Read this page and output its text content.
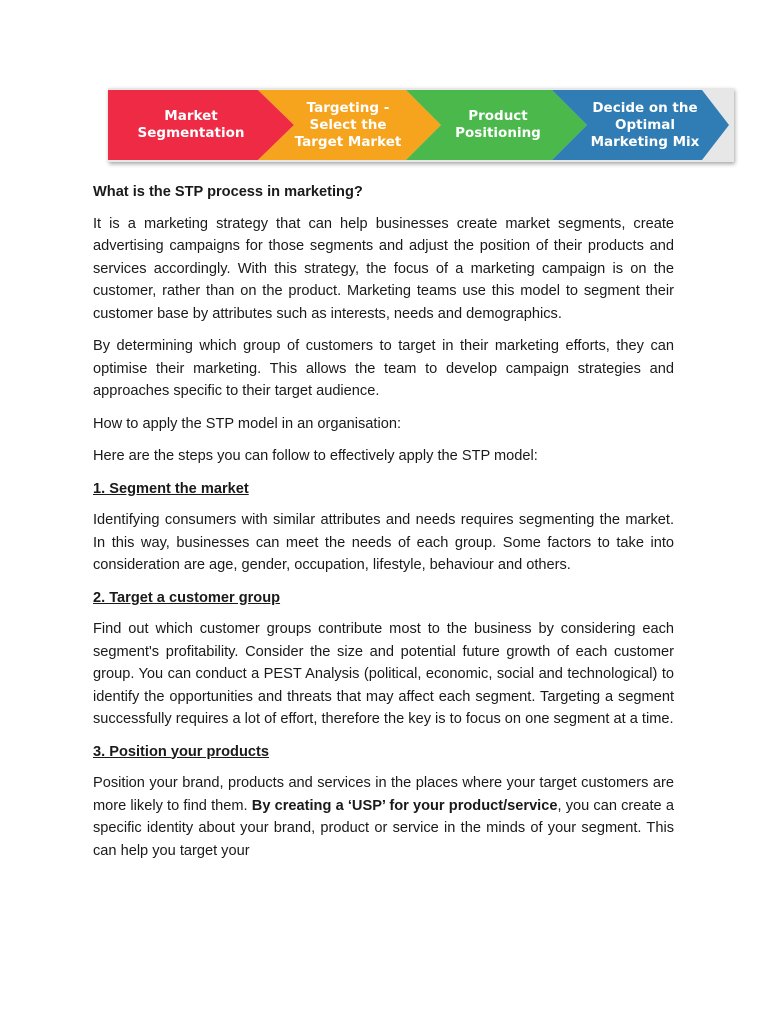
Market Segmentation
Targeting -
Select the
Target Market
Product
Positioning
Decide on the
Optimal
Marketing Mix

What is the STP process in marketing?

It is a marketing strategy that can help businesses create market segments, create advertising campaigns for those segments and adjust the position of their products and services accordingly. With this strategy, the focus of a marketing campaign is on the customer, rather than on the product. Marketing teams use this model to segment their customer base by attributes such as interests, needs and demographics.

By determining which group of customers to target in their marketing efforts, they can optimise their marketing. This allows the team to develop campaign strategies and approaches specific to their target audience.

How to apply the STP model in an organisation:

Here are the steps you can follow to effectively apply the STP model:

1. Segment the market

Identifying consumers with similar attributes and needs requires segmenting the market. In this way, businesses can meet the needs of each group. Some factors to take into consideration are age, gender, occupation, lifestyle, behaviour and others.

2. Target a customer group

Find out which customer groups contribute most to the business by considering each segment's profitability. Consider the size and potential future growth of each customer group. You can conduct a PEST Analysis (political, economic, social and technological) to identify the opportunities and threats that may affect each segment. Targeting a segment successfully requires a lot of effort, therefore the key is to focus on one segment at a time.

3. Position your products

Position your brand, products and services in the places where your target customers are more likely to find them. By creating a ‘USP’ for your product/service, you can create a specific identity about your brand, product or service in the minds of your segment. This can help you target your
